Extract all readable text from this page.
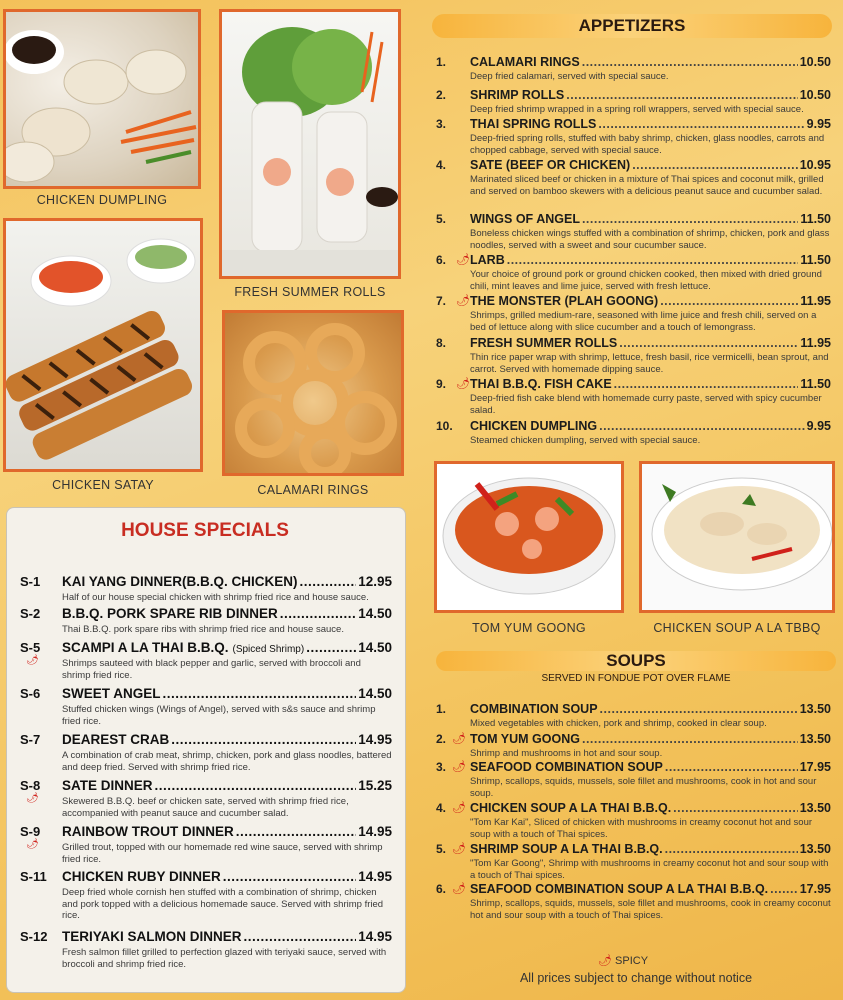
CHICKEN DUMPLING
FRESH SUMMER ROLLS
CHICKEN SATAY	CALAMARI RINGS
TOM YUM GOONG	CHICKEN SOUP A LA TBBQ
APPETIZERS
1. CALAMARI RINGS .....	10.50
Deep fried calamari, served with special sauce.
2. SHRIMP ROLLS .....	10.50
Deep fried shrimp wrapped in a spring roll wrappers, served with special sauce.
3. THAI SPRING ROLLS .....	9.95
Deep-fried spring rolls, stuffed with baby shrimp, chicken, glass noodles, carrots and chopped cabbage, served with special sauce.
4. SATE (BEEF OR CHICKEN) .....	10.95
Marinated sliced beef or chicken in a mixture of Thai spices and coconut milk, grilled and served on bamboo skewers with a delicious peanut sauce and cucumber salad.
5. WINGS OF ANGEL .....	11.50
Boneless chicken wings stuffed with a combination of shrimp, chicken, pork and glass noodles, served with a sweet and sour cucumber sauce.
6. 🌶 LARB .....	11.50
Your choice of ground pork or ground chicken cooked, then mixed with dried ground chili, mint leaves and lime juice, served with fresh lettuce.
7. 🌶 THE MONSTER (PLAH GOONG) .....	11.95
Shrimps, grilled medium-rare, seasoned with lime juice and fresh chili, served on a bed of lettuce along with slice cucumber and a touch of lemongrass.
8. FRESH SUMMER ROLLS .....	11.95
Thin rice paper wrap with shrimp, lettuce, fresh basil, rice vermicelli, bean sprout, and carrot. Served with homemade dipping sauce.
9. 🌶 THAI B.B.Q. FISH CAKE .....	11.50
Deep-fried fish cake blend with homemade curry paste, served with spicy cucumber salad.
10. CHICKEN DUMPLING .....	9.95
Steamed chicken dumpling, served with special sauce.
HOUSE SPECIALS
S-1 KAI YANG DINNER(B.B.Q. CHICKEN) .....	12.95
Half of our house special chicken with shrimp fried rice and house sauce.
S-2 B.B.Q. PORK SPARE RIB DINNER .....	14.50
Thai B.B.Q. pork spare ribs with shrimp fried rice and house sauce.
S-5
🌶
SCAMPI A LA THAI B.B.Q. (Spiced Shrimp) .....	14.50
Shrimps sauteed with black pepper and garlic, served with broccoli and shrimp fried rice.
S-6 SWEET ANGEL .....	14.50
Stuffed chicken wings (Wings of Angel), served with s&s sauce and shrimp fried rice.
S-7 DEAREST CRAB .....	14.95
A combination of crab meat, shrimp, chicken, pork and glass noodles, battered and deep fried. Served with shrimp fried rice.
S-8
🌶
SATE DINNER .....	15.25
Skewered B.B.Q. beef or chicken sate, served with shrimp fried rice, accompanied with peanut sauce and cucumber salad.
S-9
🌶
RAINBOW TROUT DINNER .....	14.95
Grilled trout, topped with our homemade red wine sauce, served with shrimp fried rice.
S-11 CHICKEN RUBY DINNER .....	14.95
Deep fried whole cornish hen stuffed with a combination of shrimp, chicken and pork topped with a delicious homemade sauce. Served with shrimp fried rice.
S-12 TERIYAKI SALMON DINNER .....	14.95
Fresh salmon fillet grilled to perfection glazed with teriyaki sauce, served with broccoli and shrimp fried rice.
SOUPS
SERVED IN FONDUE POT OVER FLAME
1. COMBINATION SOUP .....	13.50
Mixed vegetables with chicken, pork and shrimp, cooked in clear soup.
2. 🌶 TOM YUM GOONG .....	13.50
Shrimp and mushrooms in hot and sour soup.
3. 🌶 SEAFOOD COMBINATION SOUP .....	17.95
Shrimp, scallops, squids, mussels, sole fillet and mushrooms, cook in hot and sour soup.
4. 🌶 CHICKEN SOUP A LA THAI B.B.Q. .....	13.50
"Tom Kar Kai", Sliced of chicken with mushrooms in creamy coconut hot and sour soup with a touch of Thai spices.
5. 🌶 SHRIMP SOUP A LA THAI B.B.Q. .....	13.50
"Tom Kar Goong", Shrimp with mushrooms in creamy coconut hot and sour soup with a touch of Thai spices.
6. 🌶 SEAFOOD COMBINATION SOUP A LA THAI B.B.Q. .....	17.95
Shrimp, scallops, squids, mussels, sole fillet and mushrooms, cook in creamy coconut hot and sour soup with a touch of Thai spices.
🌶 SPICY
All prices subject to change without notice
